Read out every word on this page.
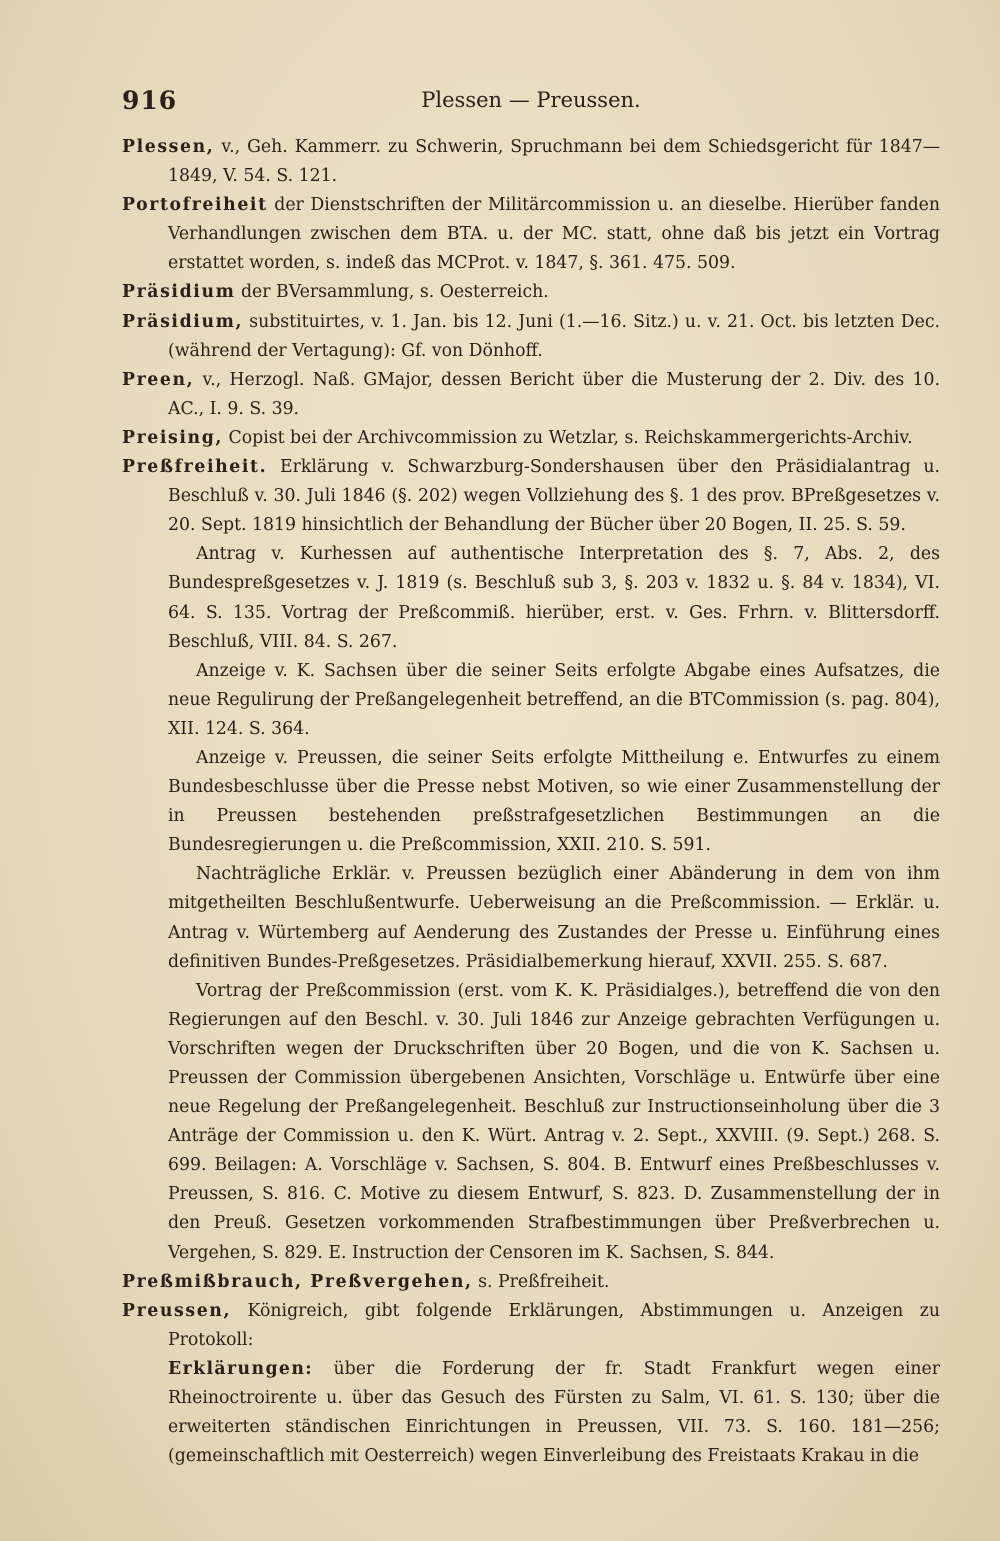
916	Plessen — Preussen.

Plessen, v., Geh. Kammerr. zu Schwerin, Spruchmann bei dem Schiedsgericht für 1847—1849, V. 54. S. 121.

Portofreiheit der Dienstschriften der Militärcommission u. an dieselbe. Hierüber fanden Verhandlungen zwischen dem BTA. u. der MC. statt, ohne daß bis jetzt ein Vortrag erstattet worden, s. indeß das MCProt. v. 1847, §. 361. 475. 509.

Präsidium der BVersammlung, s. Oesterreich.

Präsidium, substituirtes, v. 1. Jan. bis 12. Juni (1.—16. Sitz.) u. v. 21. Oct. bis letzten Dec. (während der Vertagung): Gf. von Dönhoff.

Preen, v., Herzogl. Naß. GMajor, dessen Bericht über die Musterung der 2. Div. des 10. AC., I. 9. S. 39.

Preising, Copist bei der Archivcommission zu Wetzlar, s. Reichskammergerichts-Archiv.

Preßfreiheit. Erklärung v. Schwarzburg-Sondershausen über den Präsidialantrag u. Beschluß v. 30. Juli 1846 (§. 202) wegen Vollziehung des §. 1 des prov. BPreßgesetzes v. 20. Sept. 1819 hinsichtlich der Behandlung der Bücher über 20 Bogen, II. 25. S. 59.

Antrag v. Kurhessen auf authentische Interpretation des §. 7, Abs. 2, des Bundespreßgesetzes v. J. 1819 (s. Beschluß sub 3, §. 203 v. 1832 u. §. 84 v. 1834), VI. 64. S. 135. Vortrag der Preßcommiß. hierüber, erst. v. Ges. Frhrn. v. Blittersdorff. Beschluß, VIII. 84. S. 267.

Anzeige v. K. Sachsen über die seiner Seits erfolgte Abgabe eines Aufsatzes, die neue Regulirung der Preßangelegenheit betreffend, an die BTCommission (s. pag. 804), XII. 124. S. 364.

Anzeige v. Preussen, die seiner Seits erfolgte Mittheilung e. Entwurfes zu einem Bundesbeschlusse über die Presse nebst Motiven, so wie einer Zusammenstellung der in Preussen bestehenden preßstrafgesetzlichen Bestimmungen an die Bundesregierungen u. die Preßcommission, XXII. 210. S. 591.

Nachträgliche Erklär. v. Preussen bezüglich einer Abänderung in dem von ihm mitgetheilten Beschlußentwurfe. Ueberweisung an die Preßcommission. — Erklär. u. Antrag v. Würtemberg auf Aenderung des Zustandes der Presse u. Einführung eines definitiven Bundes-Preßgesetzes. Präsidialbemerkung hierauf, XXVII. 255. S. 687.

Vortrag der Preßcommission (erst. vom K. K. Präsidialges.), betreffend die von den Regierungen auf den Beschl. v. 30. Juli 1846 zur Anzeige gebrachten Verfügungen u. Vorschriften wegen der Druckschriften über 20 Bogen, und die von K. Sachsen u. Preussen der Commission übergebenen Ansichten, Vorschläge u. Entwürfe über eine neue Regelung der Preßangelegenheit. Beschluß zur Instructionseinholung über die 3 Anträge der Commission u. den K. Würt. Antrag v. 2. Sept., XXVIII. (9. Sept.) 268. S. 699. Beilagen: A. Vorschläge v. Sachsen, S. 804. B. Entwurf eines Preßbeschlusses v. Preussen, S. 816. C. Motive zu diesem Entwurf, S. 823. D. Zusammenstellung der in den Preuß. Gesetzen vorkommenden Strafbestimmungen über Preßverbrechen u. Vergehen, S. 829. E. Instruction der Censoren im K. Sachsen, S. 844.

Preßmißbrauch, Preßvergehen, s. Preßfreiheit.

Preussen, Königreich, gibt folgende Erklärungen, Abstimmungen u. Anzeigen zu Protokoll:

Erklärungen: über die Forderung der fr. Stadt Frankfurt wegen einer Rheinoctroirente u. über das Gesuch des Fürsten zu Salm, VI. 61. S. 130; über die erweiterten ständischen Einrichtungen in Preussen, VII. 73. S. 160. 181—256; (gemeinschaftlich mit Oesterreich) wegen Einverleibung des Freistaats Krakau in die
